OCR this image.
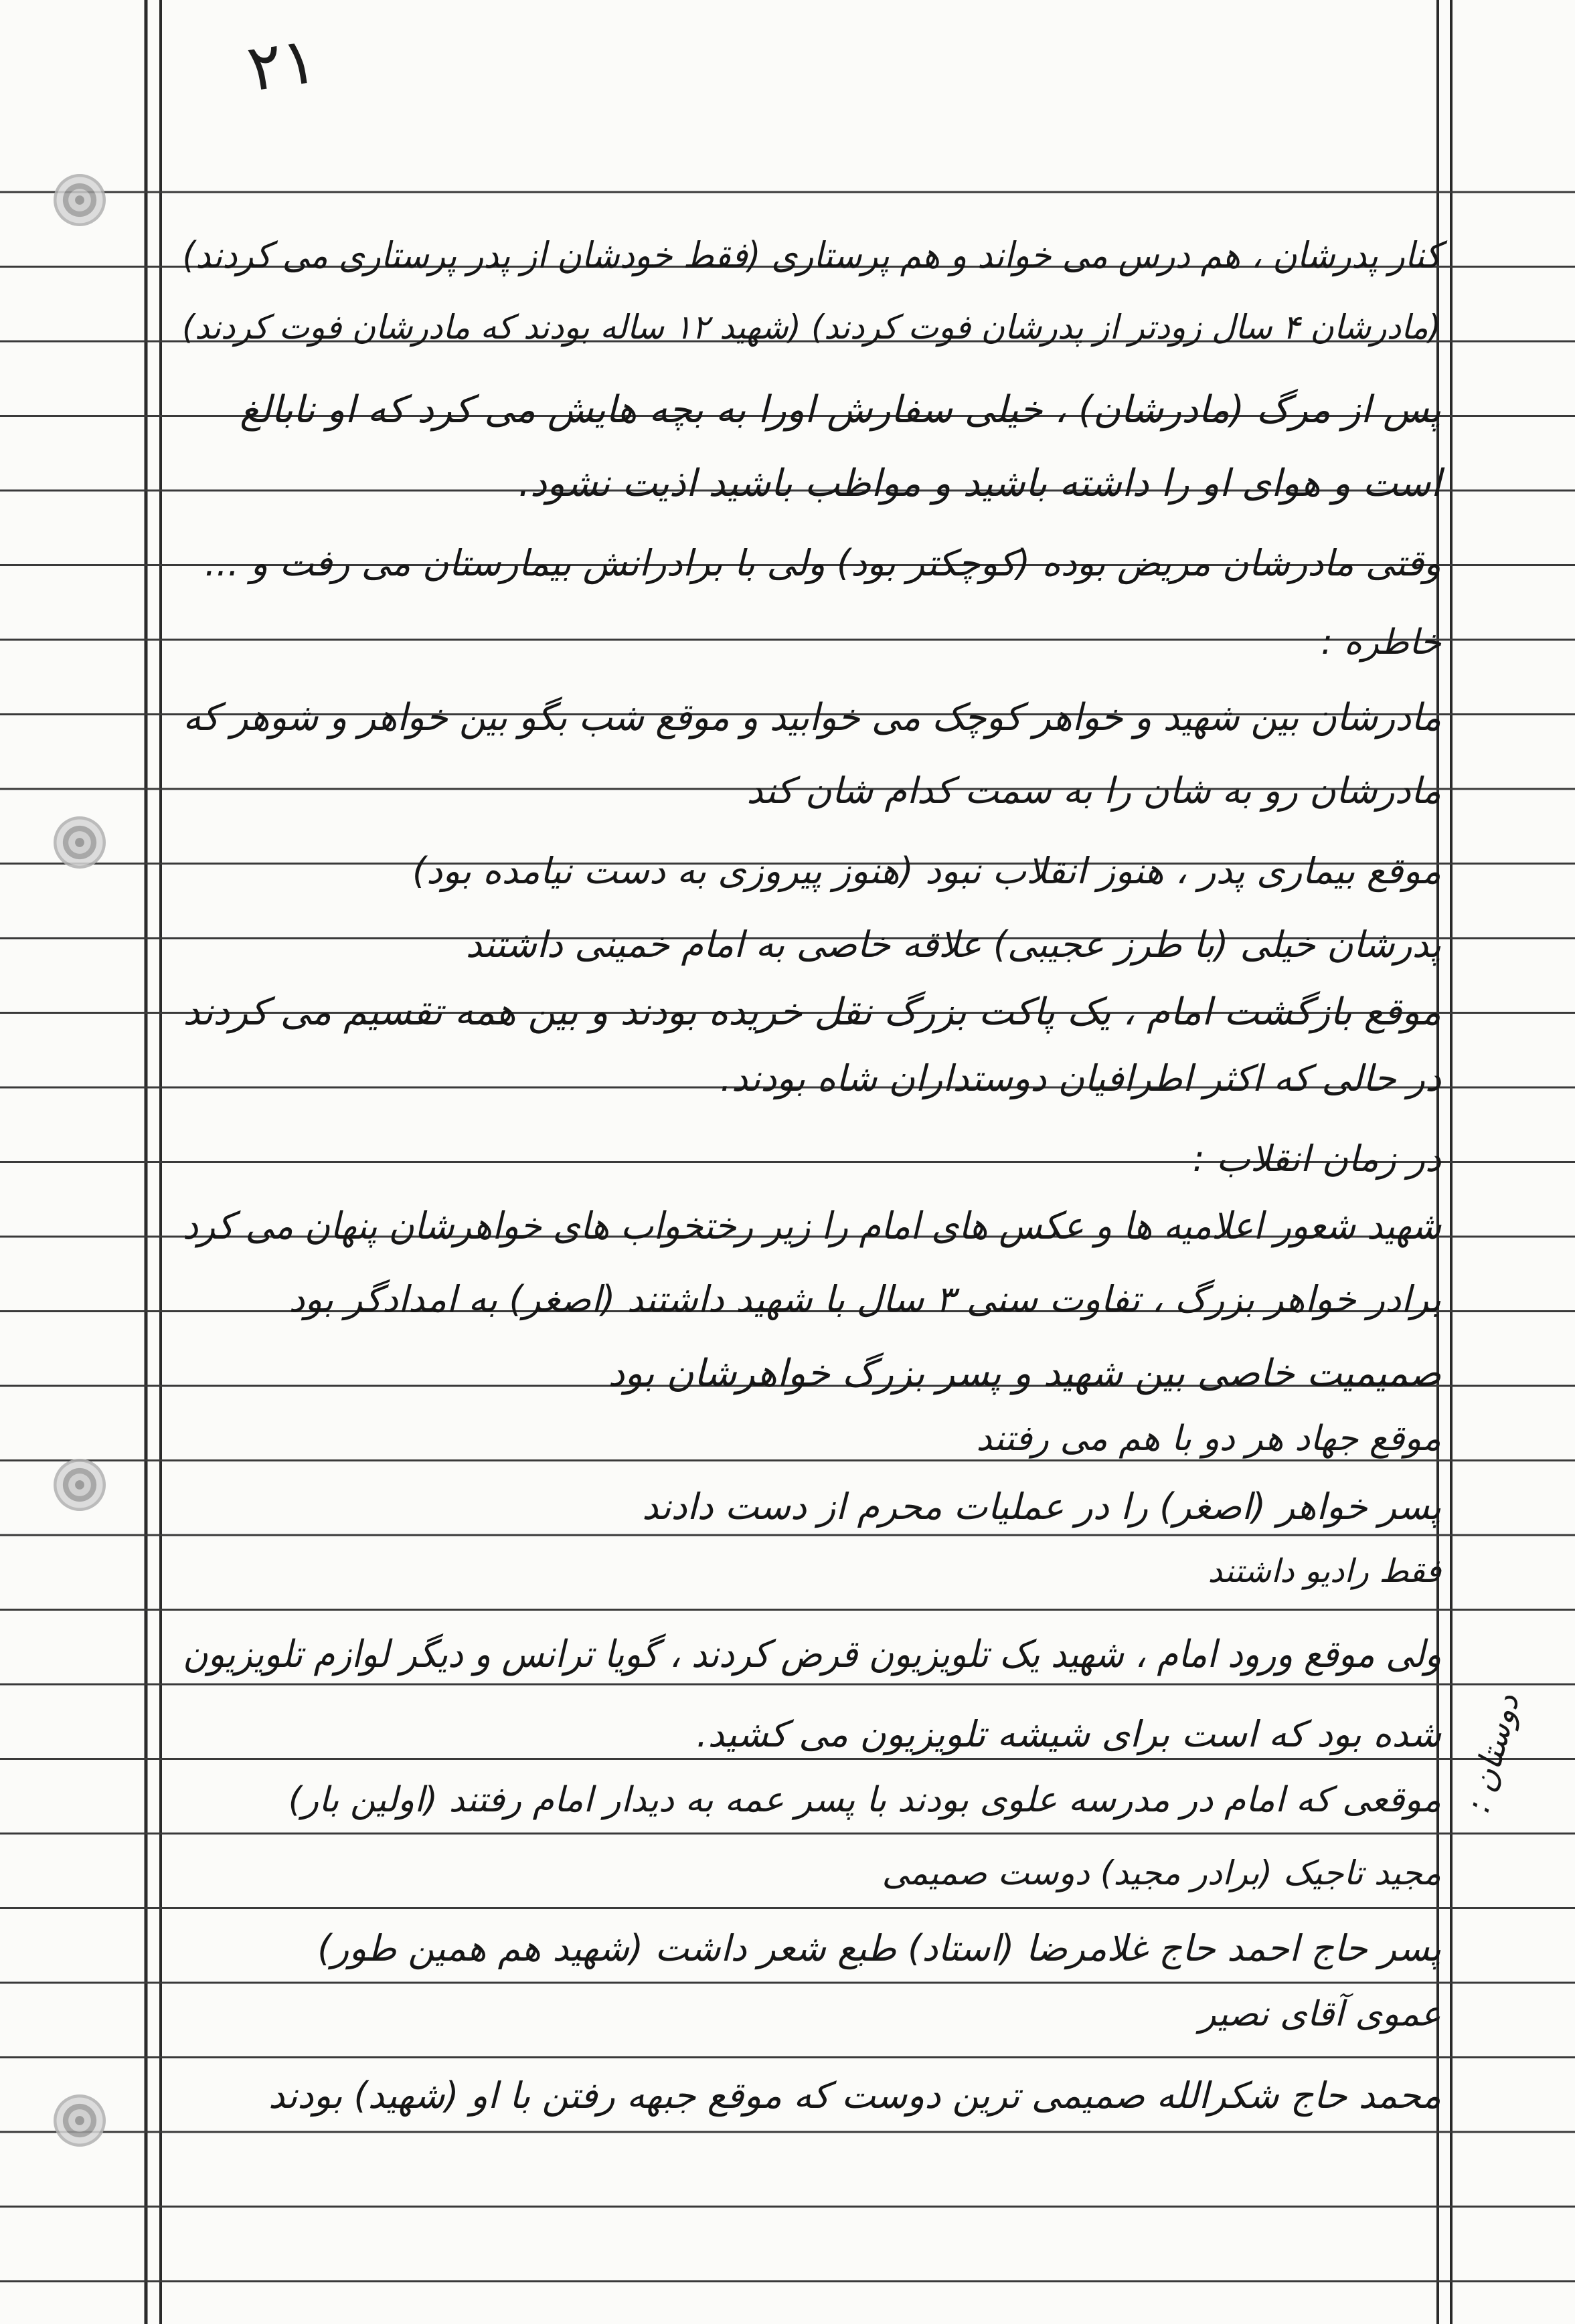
۲۱
دوستان :
کنار پدرشان ، هم درس می خواند و هم پرستاری (فقط خودشان از پدر پرستاری می کردند)
(مادرشان ۴ سال زودتر از پدرشان فوت کردند) (شهید ۱۲ ساله بودند که مادرشان فوت کردند)
پس از مرگ (مادرشان) ، خیلی سفارش اورا به بچه هایش می کرد که او نابالغ
است و هوای او را داشته باشید و مواظب باشید اذیت نشود.
وقتی مادرشان مریض بوده (کوچکتر بود) ولی با برادرانش بیمارستان می رفت و ...
خاطره :
مادرشان بین شهید و خواهر کوچک می خوابید و موقع شب بگو بین خواهر و شوهر که
مادرشان رو به شان را به سمت کدام شان کند
موقع بیماری پدر ، هنوز انقلاب نبود (هنوز پیروزی به دست نیامده بود)
پدرشان خیلی (با طرز عجیبی) علاقه خاصی به امام خمینی داشتند
موقع بازگشت امام ، یک پاکت بزرگ نقل خریده بودند و بین همه تقسیم می کردند
در حالی که اکثر اطرافیان دوستداران شاه بودند.
در زمان انقلاب :
شهید شعور اعلامیه ها و عکس های امام را زیر رختخواب های خواهرشان پنهان می کرد
برادر خواهر بزرگ ، تفاوت سنی ۳ سال با شهید داشتند (اصغر) به امدادگر بود
صمیمیت خاصی بین شهید و پسر بزرگ خواهرشان بود
موقع جهاد هر دو با هم می رفتند
پسر خواهر (اصغر) را در عملیات محرم از دست دادند
فقط رادیو داشتند
ولی موقع ورود امام ، شهید یک تلویزیون قرض کردند ، گویا ترانس و دیگر لوازم تلویزیون
شده بود که است برای شیشه تلویزیون می کشید.
موقعی که امام در مدرسه علوی بودند با پسر عمه به دیدار امام رفتند (اولین بار)
مجید تاجیک (برادر مجید) دوست صمیمی
پسر حاج احمد حاج غلامرضا (استاد) طبع شعر داشت (شهید هم همین طور)
عموی آقای نصیر
محمد حاج شکرالله صمیمی ترین دوست که موقع جبهه رفتن با او (شهید) بودند
